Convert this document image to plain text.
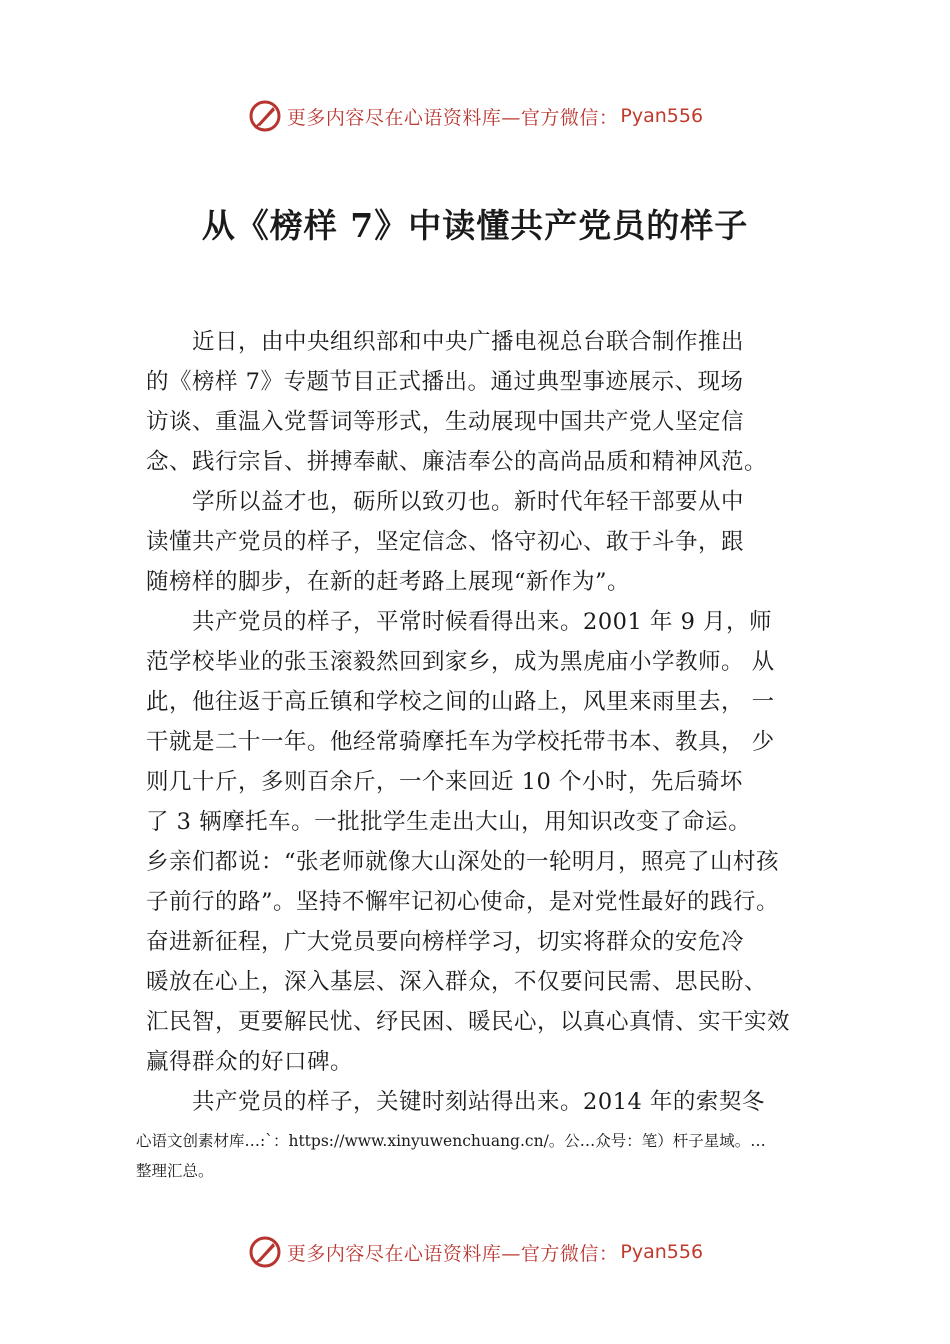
更多内容尽在心语资料库—官方微信： Pyan556
从《榜样 7》中读懂共产党员的样子
　　近日，由中央组织部和中央广播电视总台联合制作推出
的《榜样 7》专题节目正式播出。通过典型事迹展示、现场
访谈、重温入党誓词等形式，生动展现中国共产党人坚定信
念、践行宗旨、拼搏奉献、廉洁奉公的高尚品质和精神风范。
　　学所以益才也，砺所以致刃也。新时代年轻干部要从中
读懂共产党员的样子，坚定信念、恪守初心、敢于斗争，跟
随榜样的脚步，在新的赶考路上展现“新作为”。
　　共产党员的样子，平常时候看得出来。2001 年 9 月，师
范学校毕业的张玉滚毅然回到家乡，成为黑虎庙小学教师。 从
此，他往返于高丘镇和学校之间的山路上，风里来雨里去， 一
干就是二十一年。他经常骑摩托车为学校托带书本、教具， 少
则几十斤，多则百余斤，一个来回近 10 个小时，先后骑坏
了 3 辆摩托车。一批批学生走出大山，用知识改变了命运。
乡亲们都说：“张老师就像大山深处的一轮明月，照亮了山村孩
子前行的路”。坚持不懈牢记初心使命，是对党性最好的践行。
奋进新征程，广大党员要向榜样学习，切实将群众的安危冷
暖放在心上，深入基层、深入群众，不仅要问民需、思民盼、
汇民智，更要解民忧、纾民困、暖民心，以真心真情、实干实效
赢得群众的好口碑。
　　共产党员的样子，关键时刻站得出来。2014 年的索契冬
心语文创素材库…:`：https://www.xinyuwenchuang.cn/。公…众号：笔）杆子星域。…
整理汇总。
更多内容尽在心语资料库—官方微信： Pyan556
